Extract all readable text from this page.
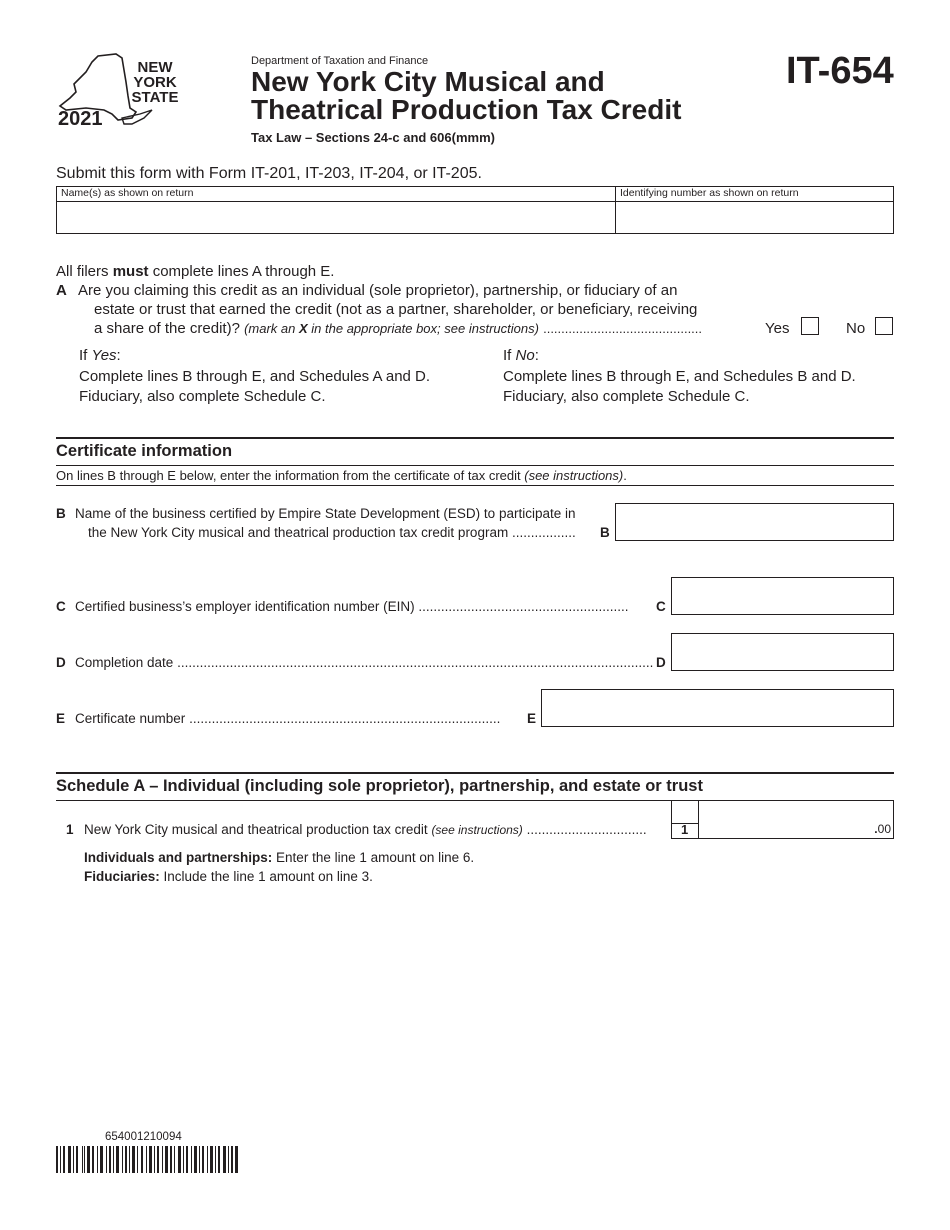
NEW
YORK
STATE
2021
Department of Taxation and Finance
New York City Musical and
Theatrical Production Tax Credit
Tax Law – Sections 24-c and 606(mmm)
IT-654
Submit this form with Form IT-201, IT-203, IT-204, or IT-205.
Name(s) as shown on return	Identifying number as shown on return
All filers must complete lines A through E.
A Are you claiming this credit as an individual (sole proprietor), partnership, or fiduciary of an
estate or trust that earned the credit (not as a partner, shareholder, or beneficiary, receiving
a share of the credit)? (mark an X in the appropriate box; see instructions) ............................................	Yes	No
If Yes:
Complete lines B through E, and Schedules A and D.
Fiduciary, also complete Schedule C.
If No:
Complete lines B through E, and Schedules B and D.
Fiduciary, also complete Schedule C.
Certificate information
On lines B through E below, enter the information from the certificate of tax credit (see instructions).
B Name of the business certified by Empire State Development (ESD) to participate in
the New York City musical and theatrical production tax credit program ................. B
C Certified business’s employer identification number (EIN) ........................................................ C
D Completion date ............................................................................................................................... D
E Certificate number ...................................................................................	E
Schedule A – Individual (including sole proprietor), partnership, and estate or trust
1 New York City musical and theatrical production tax credit (see instructions) ................................	1	.00
Individuals and partnerships: Enter the line 1 amount on line 6.
Fiduciaries: Include the line 1 amount on line 3.
654001210094
